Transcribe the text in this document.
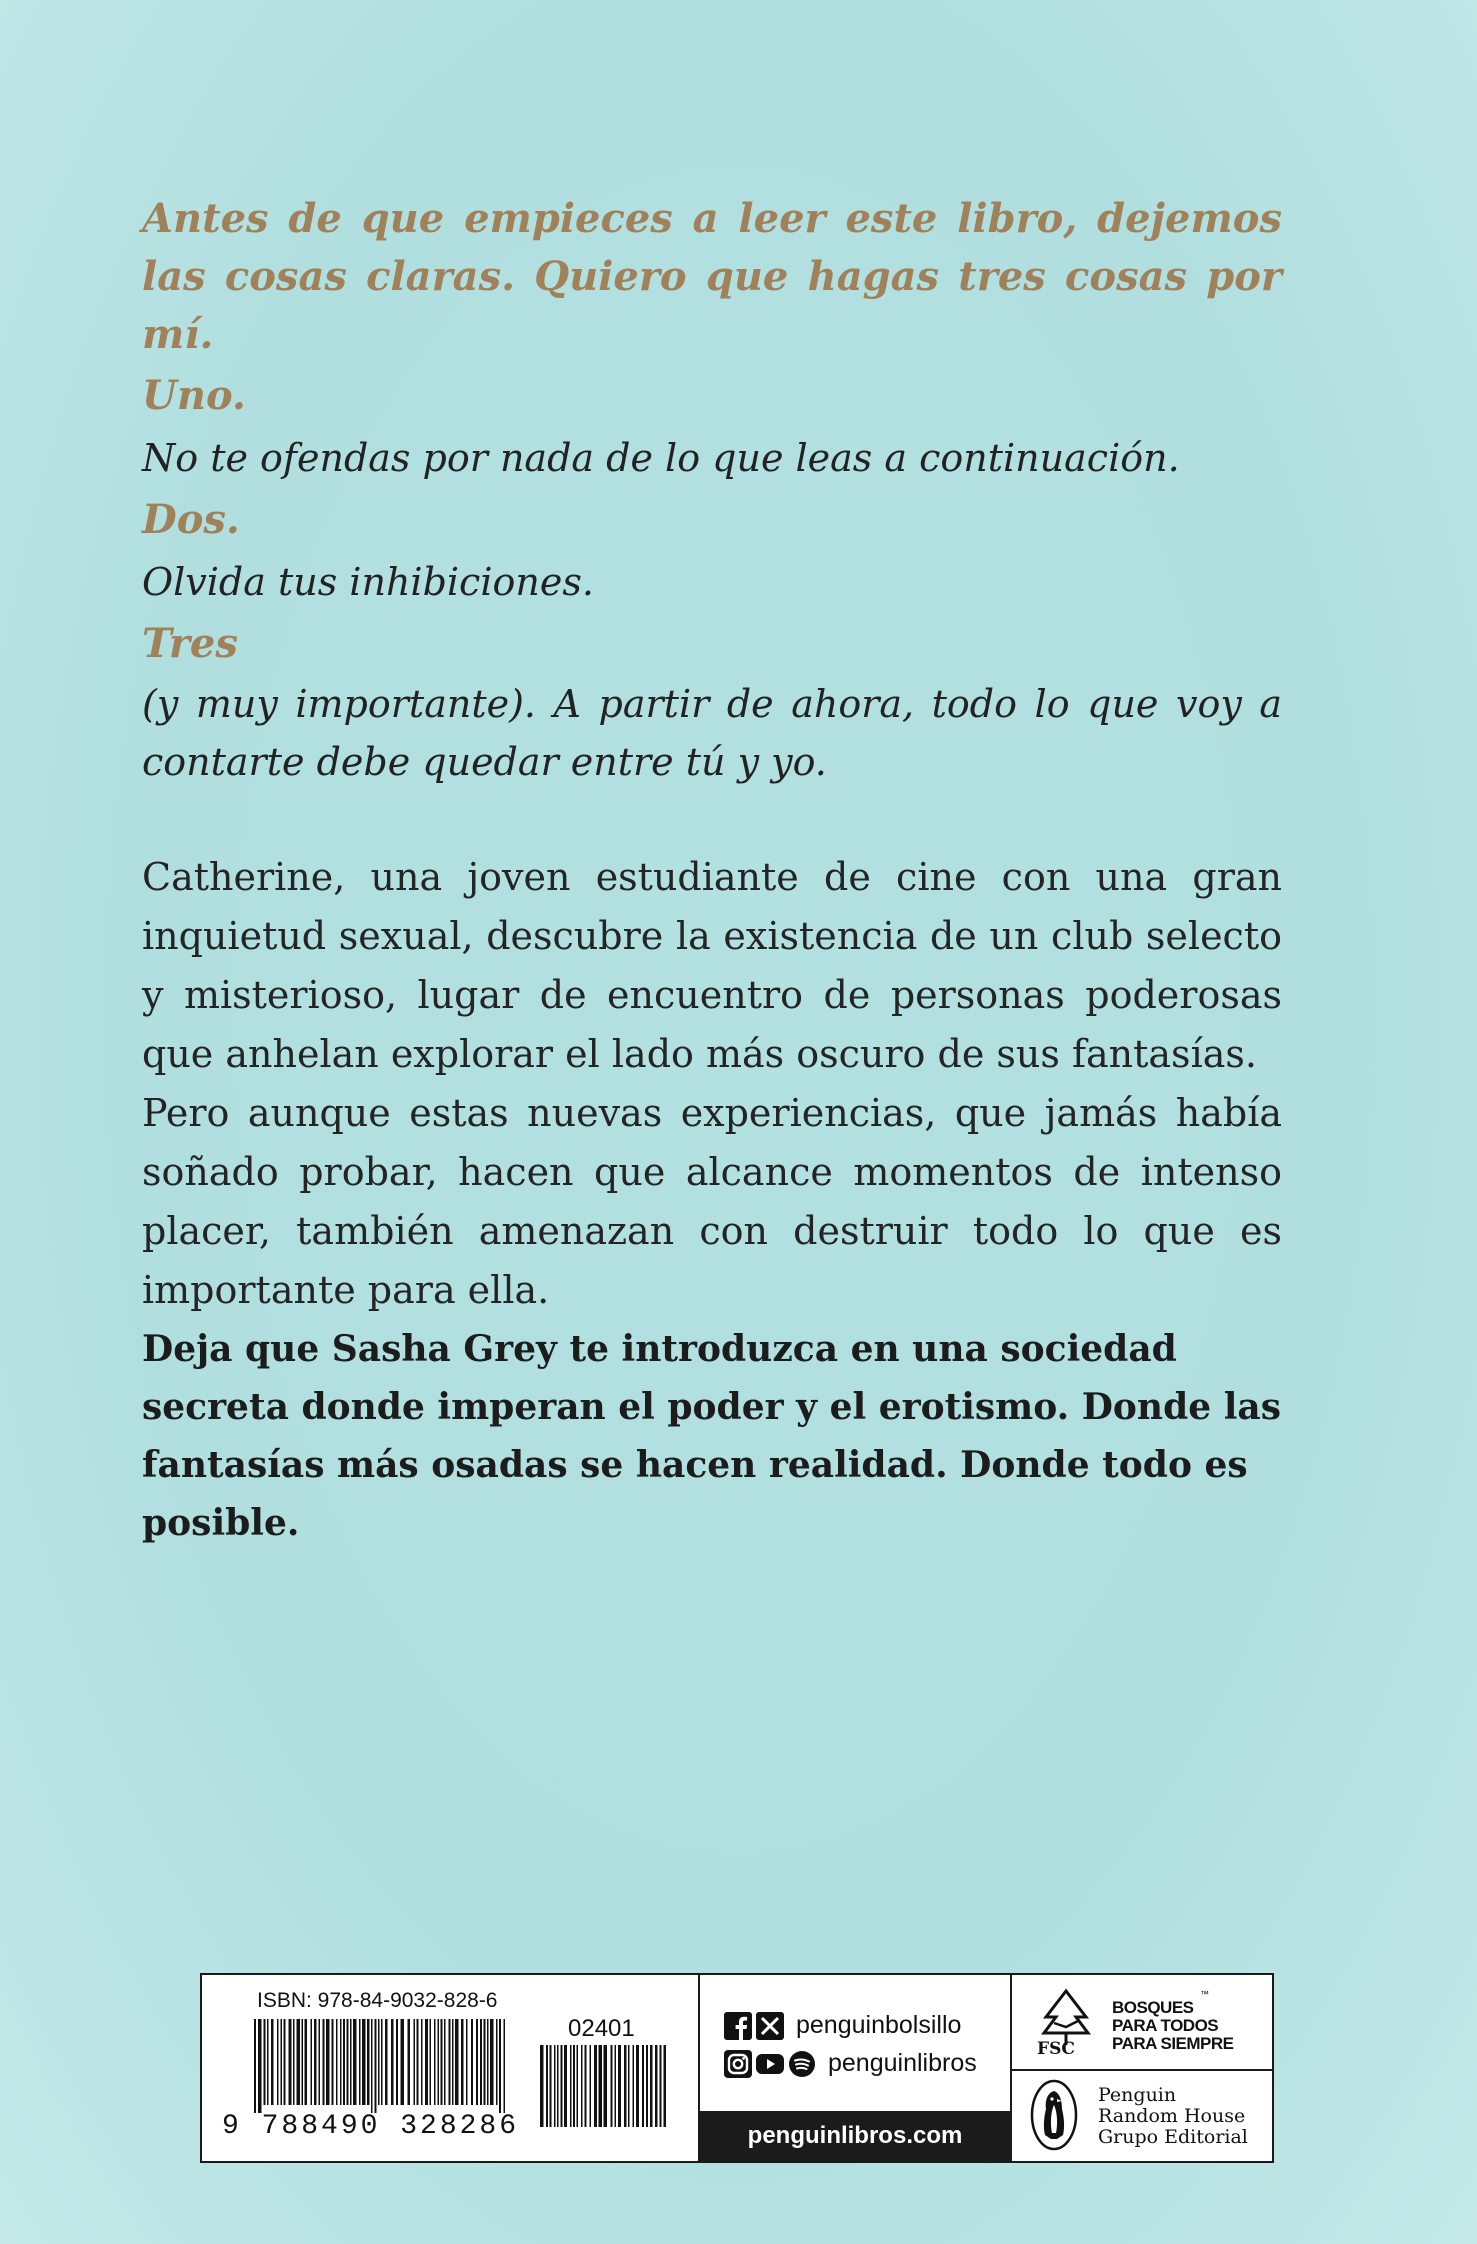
Antes de que empieces a leer este libro, dejemos las cosas claras. Quiero que hagas tres cosas por mí.

Uno.

No te ofendas por nada de lo que leas a continuación.

Dos.

Olvida tus inhibiciones.

Tres

(y muy importante). A partir de ahora, todo lo que voy a contarte debe quedar entre tú y yo.

Catherine, una joven estudiante de cine con una gran inquietud sexual, descubre la existencia de un club selecto y misterioso, lugar de encuentro de personas poderosas que anhelan explorar el lado más oscuro de sus fantasías.

Pero aunque estas nuevas experiencias, que jamás había soñado probar, hacen que alcance momentos de intenso placer, también amenazan con destruir todo lo que es importante para ella.

Deja que Sasha Grey te introduzca en una sociedad secreta donde imperan el poder y el erotismo. Donde las fantasías más osadas se hacen realidad. Donde todo es posible.

ISBN: 978-84-9032-828-6
9 788490 328286
02401	penguinbolsillo
penguinlibros
penguinlibros.com
FSC
BOSQUES
PARA TODOS
PARA SIEMPRE
™
Penguin
Random House
Grupo Editorial
